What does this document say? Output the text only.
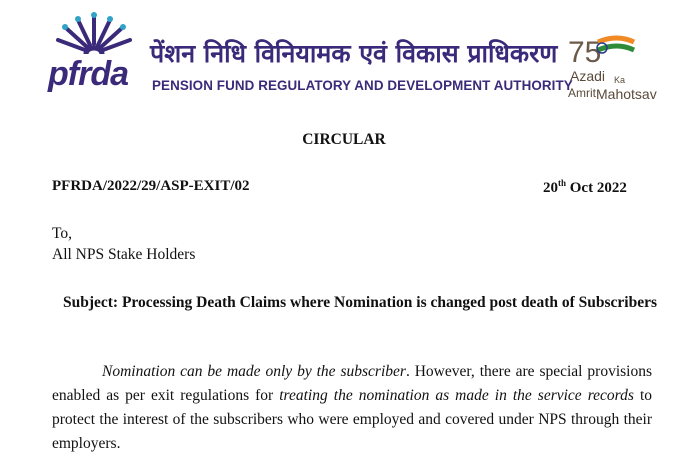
pfrda
पेंशन निधि विनियामक एवं विकास प्राधिकरण
PENSION FUND REGULATORY AND DEVELOPMENT AUTHORITY
75
Azadi Ka
Amrit Mahotsav
CIRCULAR
PFRDA/2022/29/ASP-EXIT/02	20th Oct 2022
To,
All NPS Stake Holders
Subject: Processing Death Claims where Nomination is changed post death of Subscribers

Nomination can be made only by the subscriber. However, there are special provisions enabled as per exit regulations for treating the nomination as made in the service records to protect the interest of the subscribers who were employed and covered under NPS through their employers.
